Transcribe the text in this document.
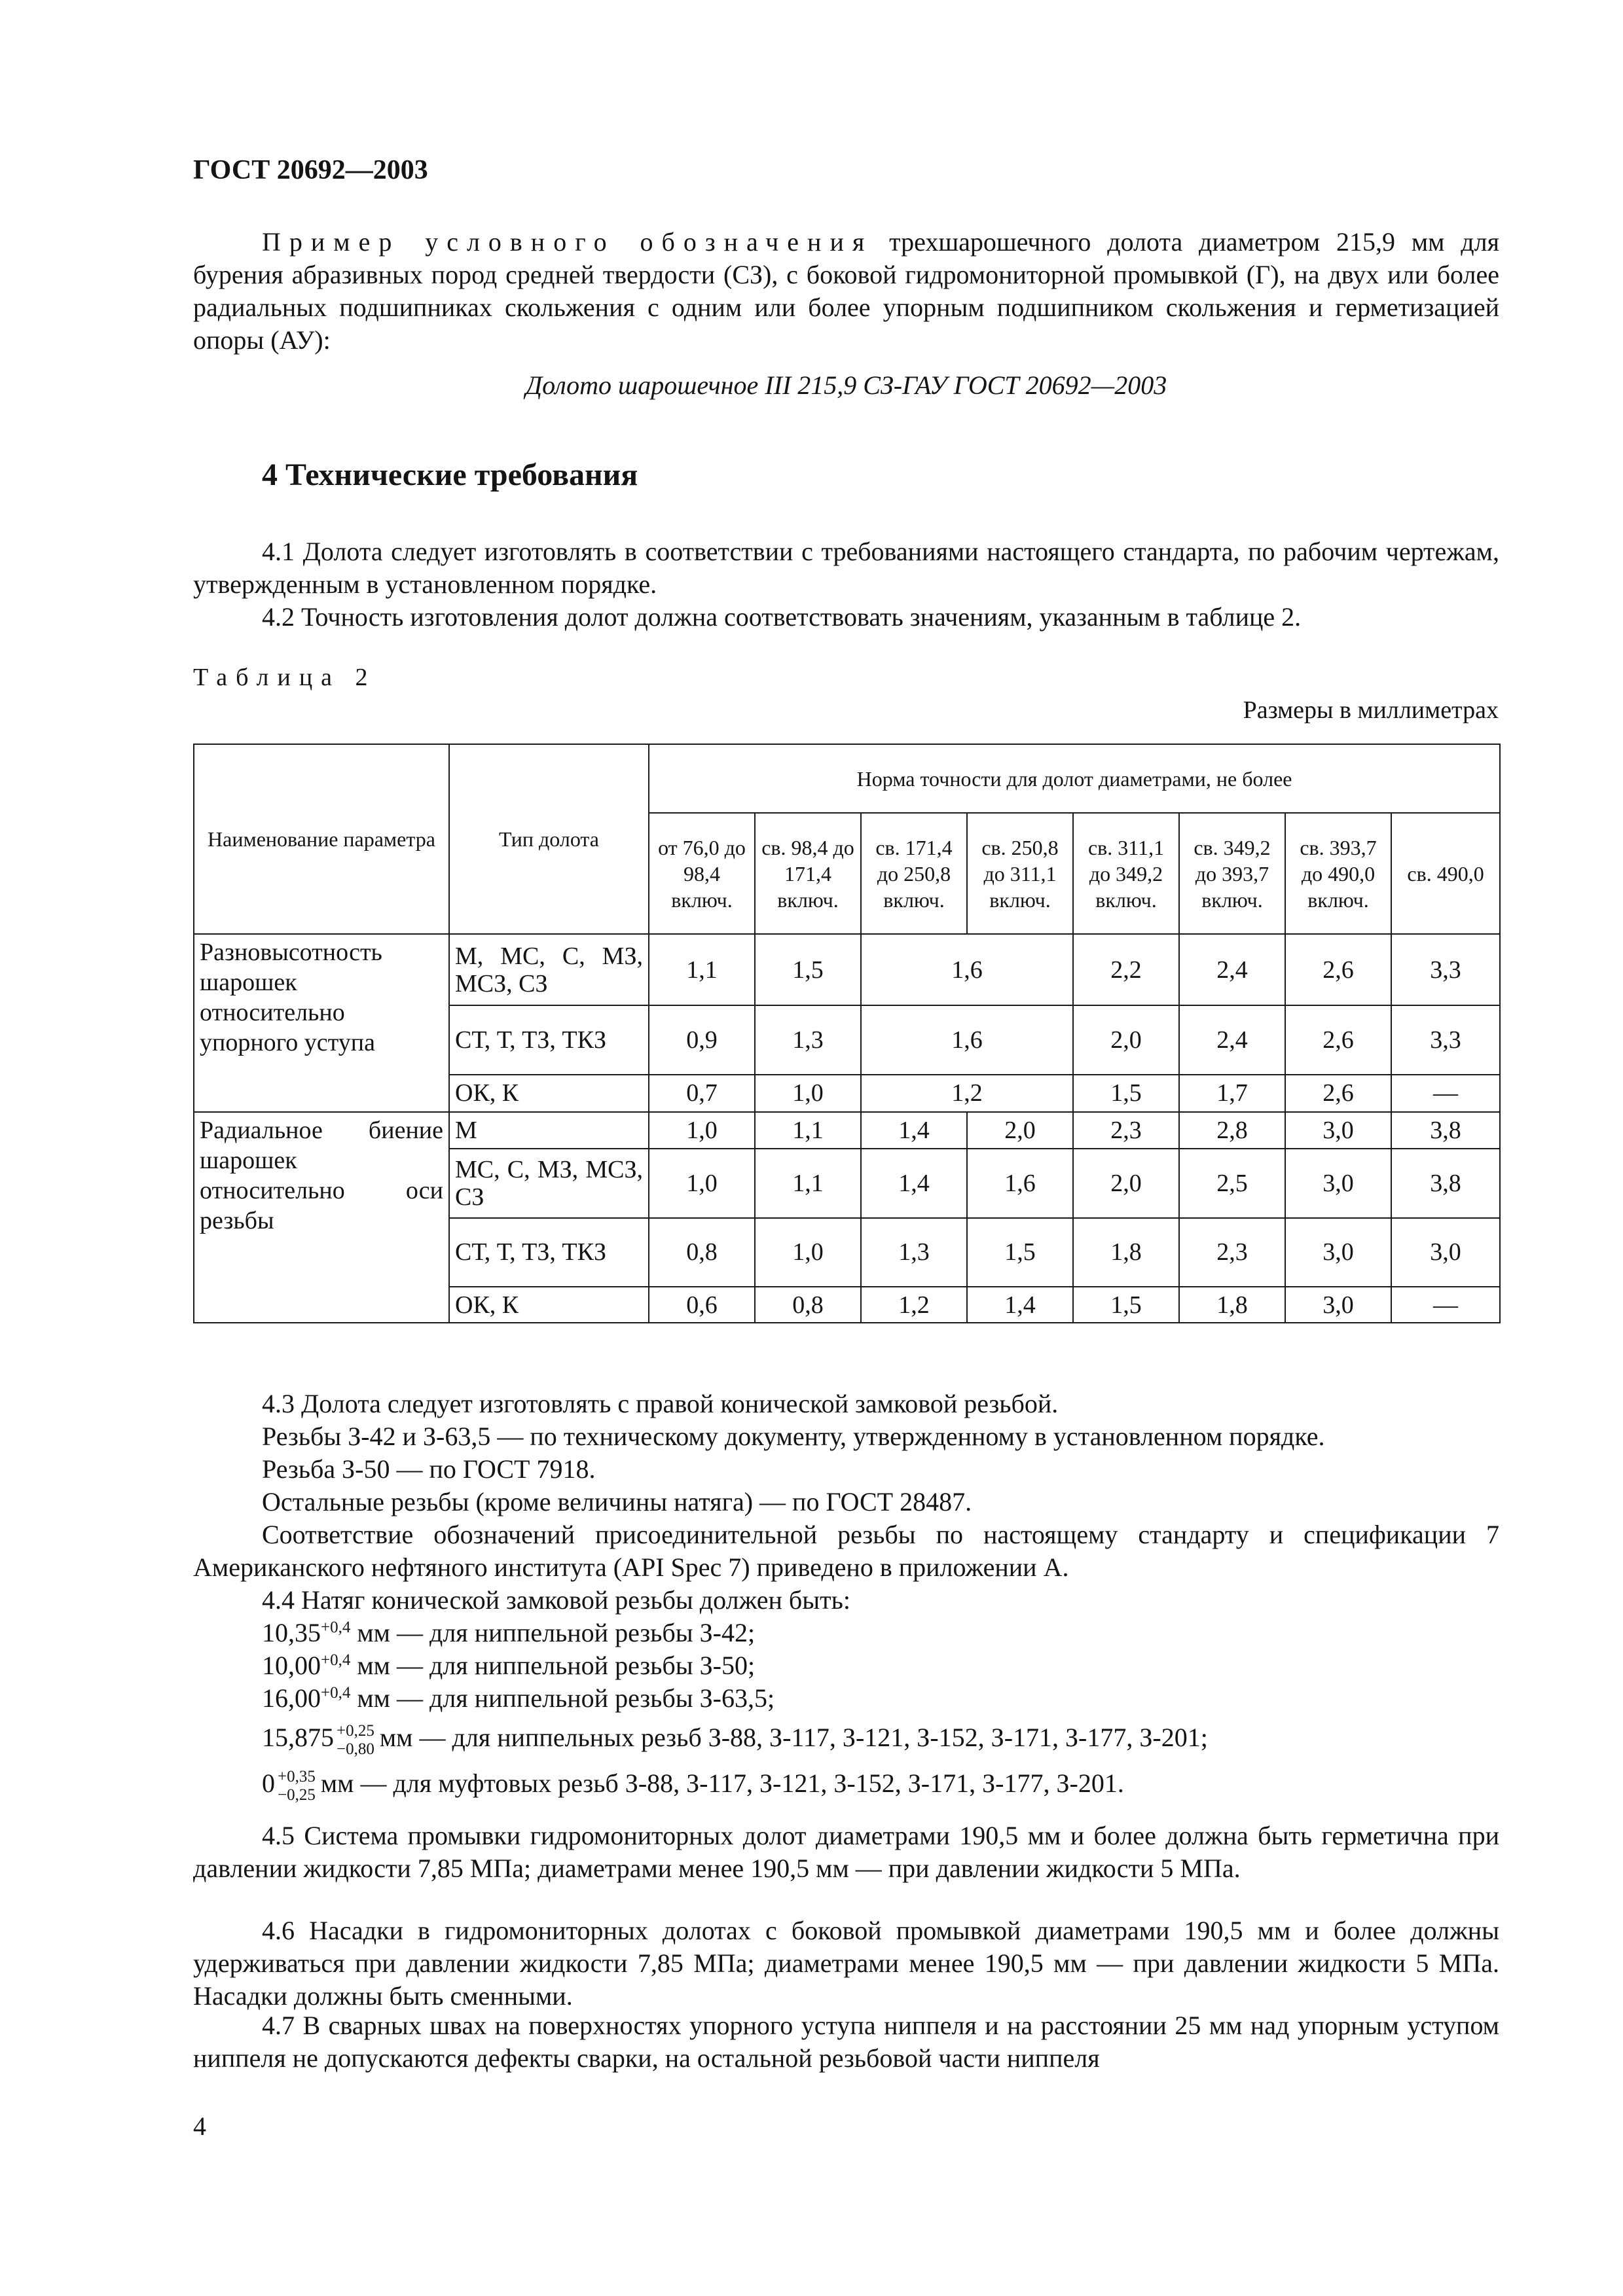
ГОСТ 20692—2003

Пример условного обозначения трехшарошечного долота диаметром 215,9 мм для бурения абразивных пород средней твердости (СЗ), с боковой гидромониторной промывкой (Г), на двух или более радиальных подшипниках скольжения с одним или более упорным подшипником скольжения и герметизацией опоры (АУ):

Долото шарошечное III 215,9 СЗ-ГАУ ГОСТ 20692—2003
4 Технические требования

4.1 Долота следует изготовлять в соответствии с требованиями настоящего стандарта, по рабочим чертежам, утвержденным в установленном порядке.

4.2 Точность изготовления долот должна соответствовать значениям, указанным в таблице 2.

Таблица 2
Размеры в миллиметрах
Наименование параметра	Тип долота	Норма точности для долот диаметрами, не более							
		от 76,0 до 98,4 включ.	св. 98,4 до 171,4 включ.	св. 171,4 до 250,8 включ.	св. 250,8 до 311,1 включ.	св. 311,1 до 349,2 включ.	св. 349,2 до 393,7 включ.	св. 393,7 до 490,0 включ.	св. 490,0
Разновысотность шарошек относительно упорного уступа	М, МС, С, МЗ, МСЗ, СЗ	1,1	1,5	1,6		2,2	2,4	2,6	3,3
	СТ, Т, ТЗ, ТКЗ	0,9	1,3	1,6		2,0	2,4	2,6	3,3
	ОК, К	0,7	1,0	1,2		1,5	1,7	2,6	—
Радиальное биение шарошек относительно оси резьбы	М	1,0	1,1	1,4	2,0	2,3	2,8	3,0	3,8
	МС, С, МЗ, МСЗ, СЗ	1,0	1,1	1,4	1,6	2,0	2,5	3,0	3,8
	СТ, Т, ТЗ, ТКЗ	0,8	1,0	1,3	1,5	1,8	2,3	3,0	3,0
	ОК, К	0,6	0,8	1,2	1,4	1,5	1,8	3,0	—
4.3 Долота следует изготовлять с правой конической замковой резьбой.
Резьбы З-42 и З-63,5 — по техническому документу, утвержденному в установленном порядке.
Резьба З-50 — по ГОСТ 7918.
Остальные резьбы (кроме величины натяга) — по ГОСТ 28487.

Соответствие обозначений присоединительной резьбы по настоящему стандарту и спецификации 7 Американского нефтяного института (API Spec 7) приведено в приложении А.

4.4 Натяг конической замковой резьбы должен быть:
$10,35^{+0,4}$ мм — для ниппельной резьбы З-42;
$10,00^{+0,4}$ мм — для ниппельной резьбы З-50;
$16,00^{+0,4}$ мм — для ниппельной резьбы З-63,5;
15,875 +0,25
−0,80 мм — для ниппельных резьб З-88, З-117, З-121, З-152, З-171, З-177, З-201;
0 +0,35
−0,25 мм — для муфтовых резьб З-88, З-117, З-121, З-152, З-171, З-177, З-201.

4.5 Система промывки гидромониторных долот диаметрами 190,5 мм и более должна быть герметична при давлении жидкости 7,85 МПа; диаметрами менее 190,5 мм — при давлении жидкости 5 МПа.

4.6 Насадки в гидромониторных долотах с боковой промывкой диаметрами 190,5 мм и более должны удерживаться при давлении жидкости 7,85 МПа; диаметрами менее 190,5 мм — при давлении жидкости 5 МПа. Насадки должны быть сменными.

4.7 В сварных швах на поверхностях упорного уступа ниппеля и на расстоянии 25 мм над упорным уступом ниппеля не допускаются дефекты сварки, на остальной резьбовой части ниппеля

4
